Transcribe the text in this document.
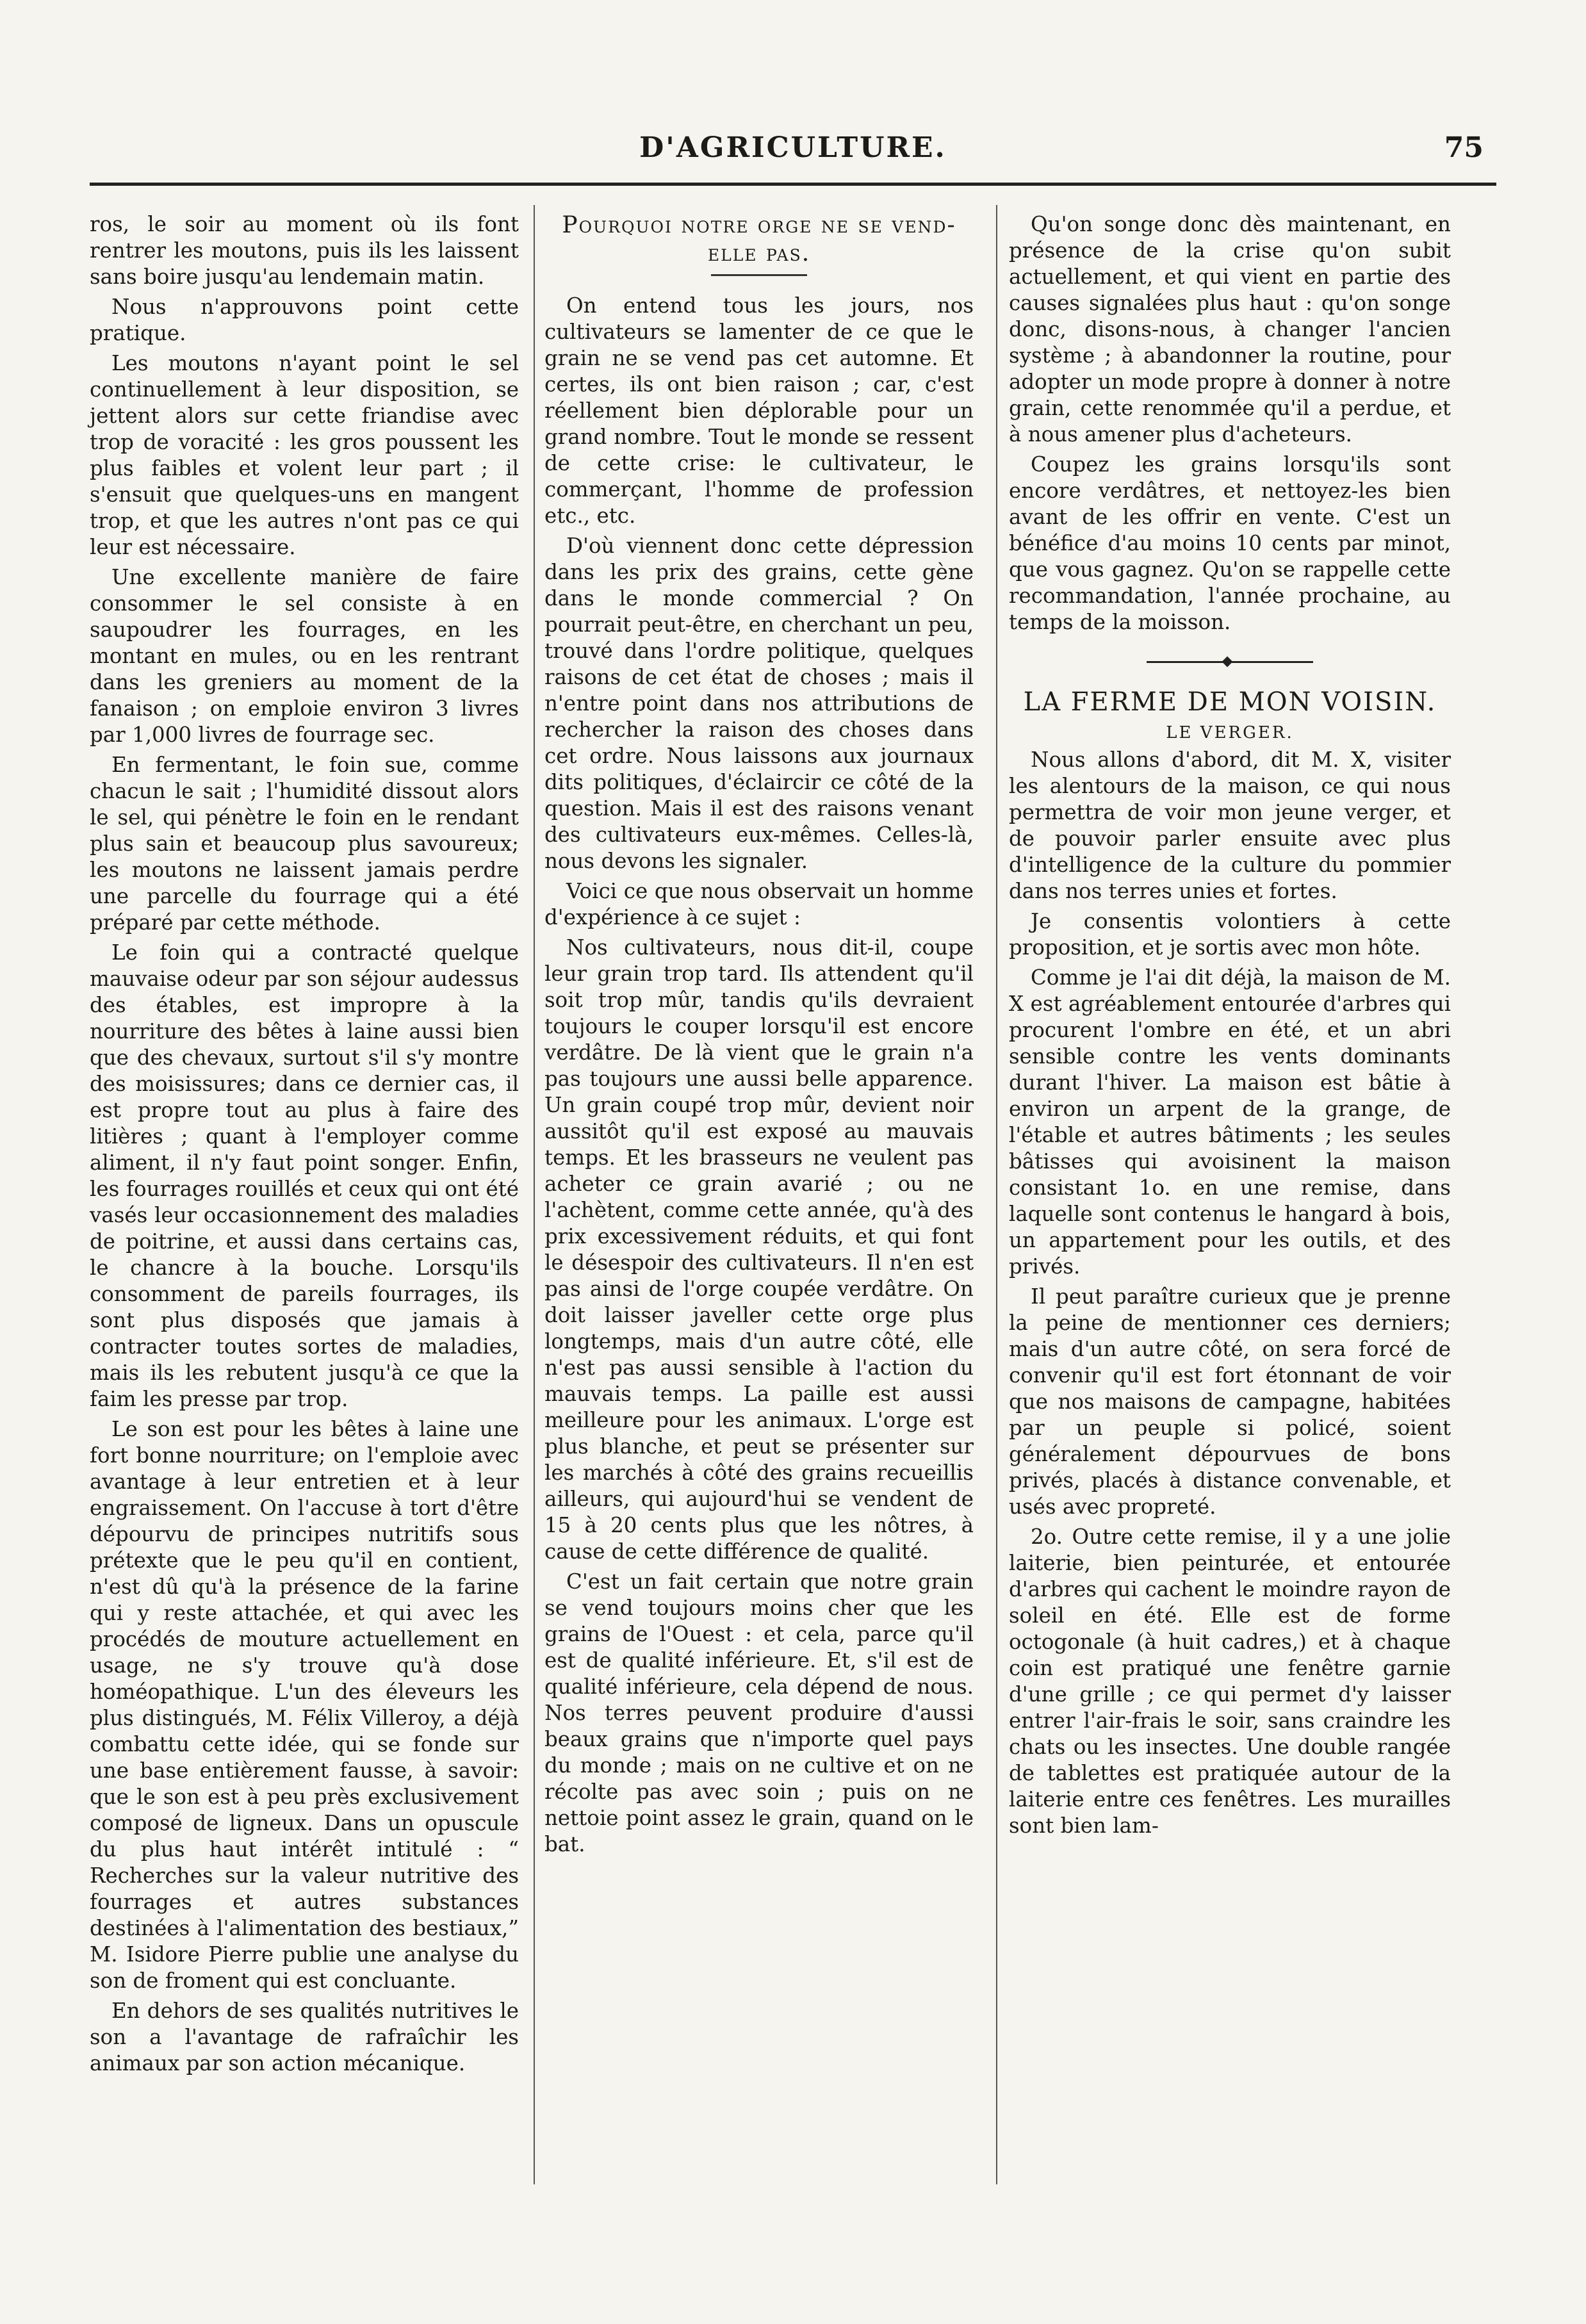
D'AGRICULTURE.	75

ros, le soir au moment où ils font rentrer les moutons, puis ils les laissent sans boire jusqu'au lendemain matin.

Nous n'approuvons point cette pratique.

Les moutons n'ayant point le sel continuellement à leur disposition, se jettent alors sur cette friandise avec trop de voracité : les gros poussent les plus faibles et volent leur part ; il s'ensuit que quelques-uns en mangent trop, et que les autres n'ont pas ce qui leur est nécessaire.

Une excellente manière de faire consommer le sel consiste à en saupoudrer les fourrages, en les montant en mules, ou en les rentrant dans les greniers au moment de la fanaison ; on emploie environ 3 livres par 1,000 livres de fourrage sec.

En fermentant, le foin sue, comme chacun le sait ; l'humidité dissout alors le sel, qui pénètre le foin en le rendant plus sain et beaucoup plus savoureux; les moutons ne laissent jamais perdre une parcelle du fourrage qui a été préparé par cette méthode.

Le foin qui a contracté quelque mauvaise odeur par son séjour audessus des étables, est impropre à la nourriture des bêtes à laine aussi bien que des chevaux, surtout s'il s'y montre des moisissures; dans ce dernier cas, il est propre tout au plus à faire des litières ; quant à l'employer comme aliment, il n'y faut point songer. Enfin, les fourrages rouillés et ceux qui ont été vasés leur occasionnement des maladies de poitrine, et aussi dans certains cas, le chancre à la bouche. Lorsqu'ils consomment de pareils fourrages, ils sont plus disposés que jamais à contracter toutes sortes de maladies, mais ils les rebutent jusqu'à ce que la faim les presse par trop.

Le son est pour les bêtes à laine une fort bonne nourriture; on l'emploie avec avantage à leur entretien et à leur engraissement. On l'accuse à tort d'être dépourvu de principes nutritifs sous prétexte que le peu qu'il en contient, n'est dû qu'à la présence de la farine qui y reste attachée, et qui avec les procédés de mouture actuellement en usage, ne s'y trouve qu'à dose homéopathique. L'un des éleveurs les plus distingués, M. Félix Villeroy, a déjà combattu cette idée, qui se fonde sur une base entièrement fausse, à savoir: que le son est à peu près exclusivement composé de ligneux. Dans un opuscule du plus haut intérêt intitulé : “ Recherches sur la valeur nutritive des fourrages et autres substances destinées à l'alimentation des bestiaux,” M. Isidore Pierre publie une analyse du son de froment qui est concluante.

En dehors de ses qualités nutritives le son a l'avantage de rafraîchir les animaux par son action mécanique.

Pourquoi notre orge ne se vend-elle pas.

On entend tous les jours, nos cultivateurs se lamenter de ce que le grain ne se vend pas cet automne. Et certes, ils ont bien raison ; car, c'est réellement bien déplorable pour un grand nombre. Tout le monde se ressent de cette crise: le cultivateur, le commerçant, l'homme de profession etc., etc.

D'où viennent donc cette dépression dans les prix des grains, cette gène dans le monde commercial ? On pourrait peut-être, en cherchant un peu, trouvé dans l'ordre politique, quelques raisons de cet état de choses ; mais il n'entre point dans nos attributions de rechercher la raison des choses dans cet ordre. Nous laissons aux journaux dits politiques, d'éclaircir ce côté de la question. Mais il est des raisons venant des cultivateurs eux-mêmes. Celles-là, nous devons les signaler.

Voici ce que nous observait un homme d'expérience à ce sujet :

Nos cultivateurs, nous dit-il, coupe leur grain trop tard. Ils attendent qu'il soit trop mûr, tandis qu'ils devraient toujours le couper lorsqu'il est encore verdâtre. De là vient que le grain n'a pas toujours une aussi belle apparence. Un grain coupé trop mûr, devient noir aussitôt qu'il est exposé au mauvais temps. Et les brasseurs ne veulent pas acheter ce grain avarié ; ou ne l'achètent, comme cette année, qu'à des prix excessivement réduits, et qui font le désespoir des cultivateurs. Il n'en est pas ainsi de l'orge coupée verdâtre. On doit laisser javeller cette orge plus longtemps, mais d'un autre côté, elle n'est pas aussi sensible à l'action du mauvais temps. La paille est aussi meilleure pour les animaux. L'orge est plus blanche, et peut se présenter sur les marchés à côté des grains recueillis ailleurs, qui aujourd'hui se vendent de 15 à 20 cents plus que les nôtres, à cause de cette différence de qualité.

C'est un fait certain que notre grain se vend toujours moins cher que les grains de l'Ouest : et cela, parce qu'il est de qualité inférieure. Et, s'il est de qualité inférieure, cela dépend de nous. Nos terres peuvent produire d'aussi beaux grains que n'importe quel pays du monde ; mais on ne cultive et on ne récolte pas avec soin ; puis on ne nettoie point assez le grain, quand on le bat.

Qu'on songe donc dès maintenant, en présence de la crise qu'on subit actuellement, et qui vient en partie des causes signalées plus haut : qu'on songe donc, disons-nous, à changer l'ancien système ; à abandonner la routine, pour adopter un mode propre à donner à notre grain, cette renommée qu'il a perdue, et à nous amener plus d'acheteurs.

Coupez les grains lorsqu'ils sont encore verdâtres, et nettoyez-les bien avant de les offrir en vente. C'est un bénéfice d'au moins 10 cents par minot, que vous gagnez. Qu'on se rappelle cette recommandation, l'année prochaine, au temps de la moisson.

LA FERME DE MON VOISIN.
LE VERGER.

Nous allons d'abord, dit M. X, visiter les alentours de la maison, ce qui nous permettra de voir mon jeune verger, et de pouvoir parler ensuite avec plus d'intelligence de la culture du pommier dans nos terres unies et fortes.

Je consentis volontiers à cette proposition, et je sortis avec mon hôte.

Comme je l'ai dit déjà, la maison de M. X est agréablement entourée d'arbres qui procurent l'ombre en été, et un abri sensible contre les vents dominants durant l'hiver. La maison est bâtie à environ un arpent de la grange, de l'étable et autres bâtiments ; les seules bâtisses qui avoisinent la maison consistant 1o. en une remise, dans laquelle sont contenus le hangard à bois, un appartement pour les outils, et des privés.

Il peut paraître curieux que je prenne la peine de mentionner ces derniers; mais d'un autre côté, on sera forcé de convenir qu'il est fort étonnant de voir que nos maisons de campagne, habitées par un peuple si policé, soient généralement dépourvues de bons privés, placés à distance convenable, et usés avec propreté.

2o. Outre cette remise, il y a une jolie laiterie, bien peinturée, et entourée d'arbres qui cachent le moindre rayon de soleil en été. Elle est de forme octogonale (à huit cadres,) et à chaque coin est pratiqué une fenêtre garnie d'une grille ; ce qui permet d'y laisser entrer l'air-frais le soir, sans craindre les chats ou les insectes. Une double rangée de tablettes est pratiquée autour de la laiterie entre ces fenêtres. Les murailles sont bien lam-
